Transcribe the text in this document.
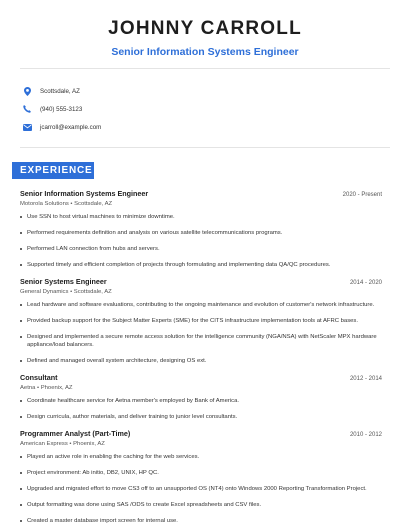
JOHNNY CARROLL
Senior Information Systems Engineer
Scottsdale, AZ
(940) 555-3123
jcarroll@example.com
EXPERIENCE
Senior Information Systems Engineer	2020 - Present
Motorola Solutions • Scottsdale, AZ
Use SSN to host virtual machines to minimize downtime.
Performed requirements definition and analysis on various satellite telecommunications programs.
Performed LAN connection from hubs and servers.
Supported timely and efficient completion of projects through formulating and implementing data QA/QC procedures.
Senior Systems Engineer	2014 - 2020
General Dynamics • Scottsdale, AZ
Lead hardware and software evaluations, contributing to the ongoing maintenance and evolution of customer's network infrastructure.
Provided backup support for the Subject Matter Experts (SME) for the CITS infrastructure implementation tools at AFRC bases.
Designed and implemented a secure remote access solution for the intelligence community (NGA/NSA) with NetScaler MPX hardware appliance/load balancers.
Defined and managed overall system architecture, designing OS ext.
Consultant	2012 - 2014
Aetna • Phoenix, AZ
Coordinate healthcare service for Aetna member's employed by Bank of America.
Design curricula, author materials, and deliver training to junior level consultants.
Programmer Analyst (Part-Time)	2010 - 2012
American Express • Phoenix, AZ
Played an active role in enabling the caching for the web services.
Project environment: Ab initio, DB2, UNIX, HP QC.
Upgraded and migrated effort to move CS3 off to an unsupported OS (NT4) onto Windows 2000 Reporting Transformation Project.
Output formatting was done using SAS /ODS to create Excel spreadsheets and CSV files.
Created a master database import screen for internal use.
